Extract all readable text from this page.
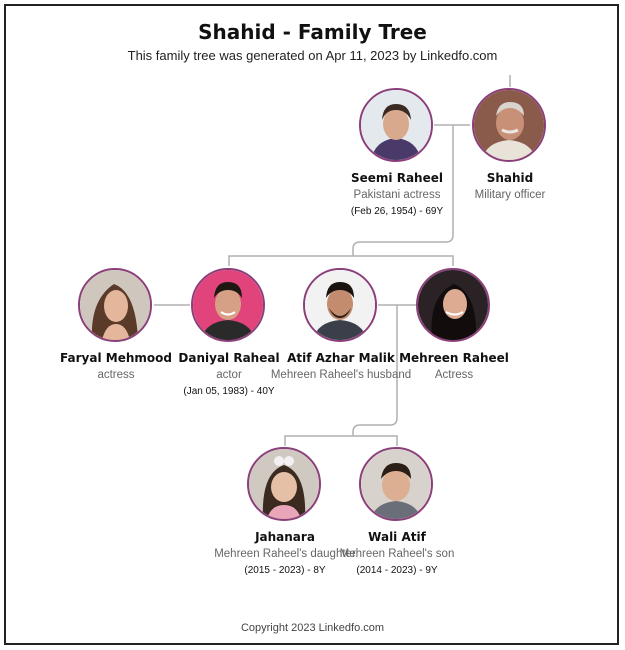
Shahid - Family Tree
This family tree was generated on Apr 11, 2023 by Linkedfo.com
Seemi Raheel
Pakistani actress
(Feb 26, 1954) - 69Y
Shahid
Military officer
Faryal Mehmood
actress
Daniyal Raheal
actor
(Jan 05, 1983) - 40Y
Atif Azhar Malik
Mehreen Raheel's husband
Mehreen Raheel
Actress
Jahanara
Mehreen Raheel's daughter
(2015 - 2023) - 8Y
Wali Atif
Mehreen Raheel's son
(2014 - 2023) - 9Y
Copyright 2023 Linkedfo.com
